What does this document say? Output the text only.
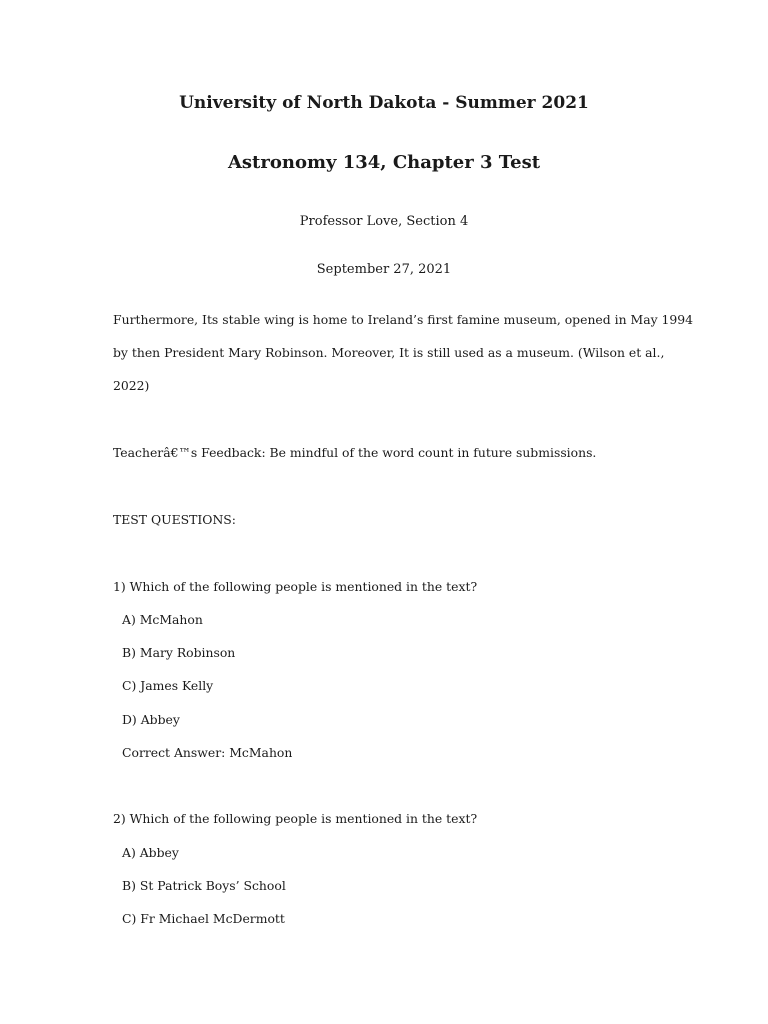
University of North Dakota - Summer 2021
Astronomy 134, Chapter 3 Test
Professor Love, Section 4
September 27, 2021
Furthermore, Its stable wing is home to Ireland’s first famine museum, opened in May 1994
by then President Mary Robinson. Moreover, It is still used as a museum. (Wilson et al.,
2022)
Teacherâ€™s Feedback: Be mindful of the word count in future submissions.
TEST QUESTIONS:
1) Which of the following people is mentioned in the text?
A) McMahon
B) Mary Robinson
C) James Kelly
D) Abbey
Correct Answer: McMahon
2) Which of the following people is mentioned in the text?
A) Abbey
B) St Patrick Boys’ School
C) Fr Michael McDermott
